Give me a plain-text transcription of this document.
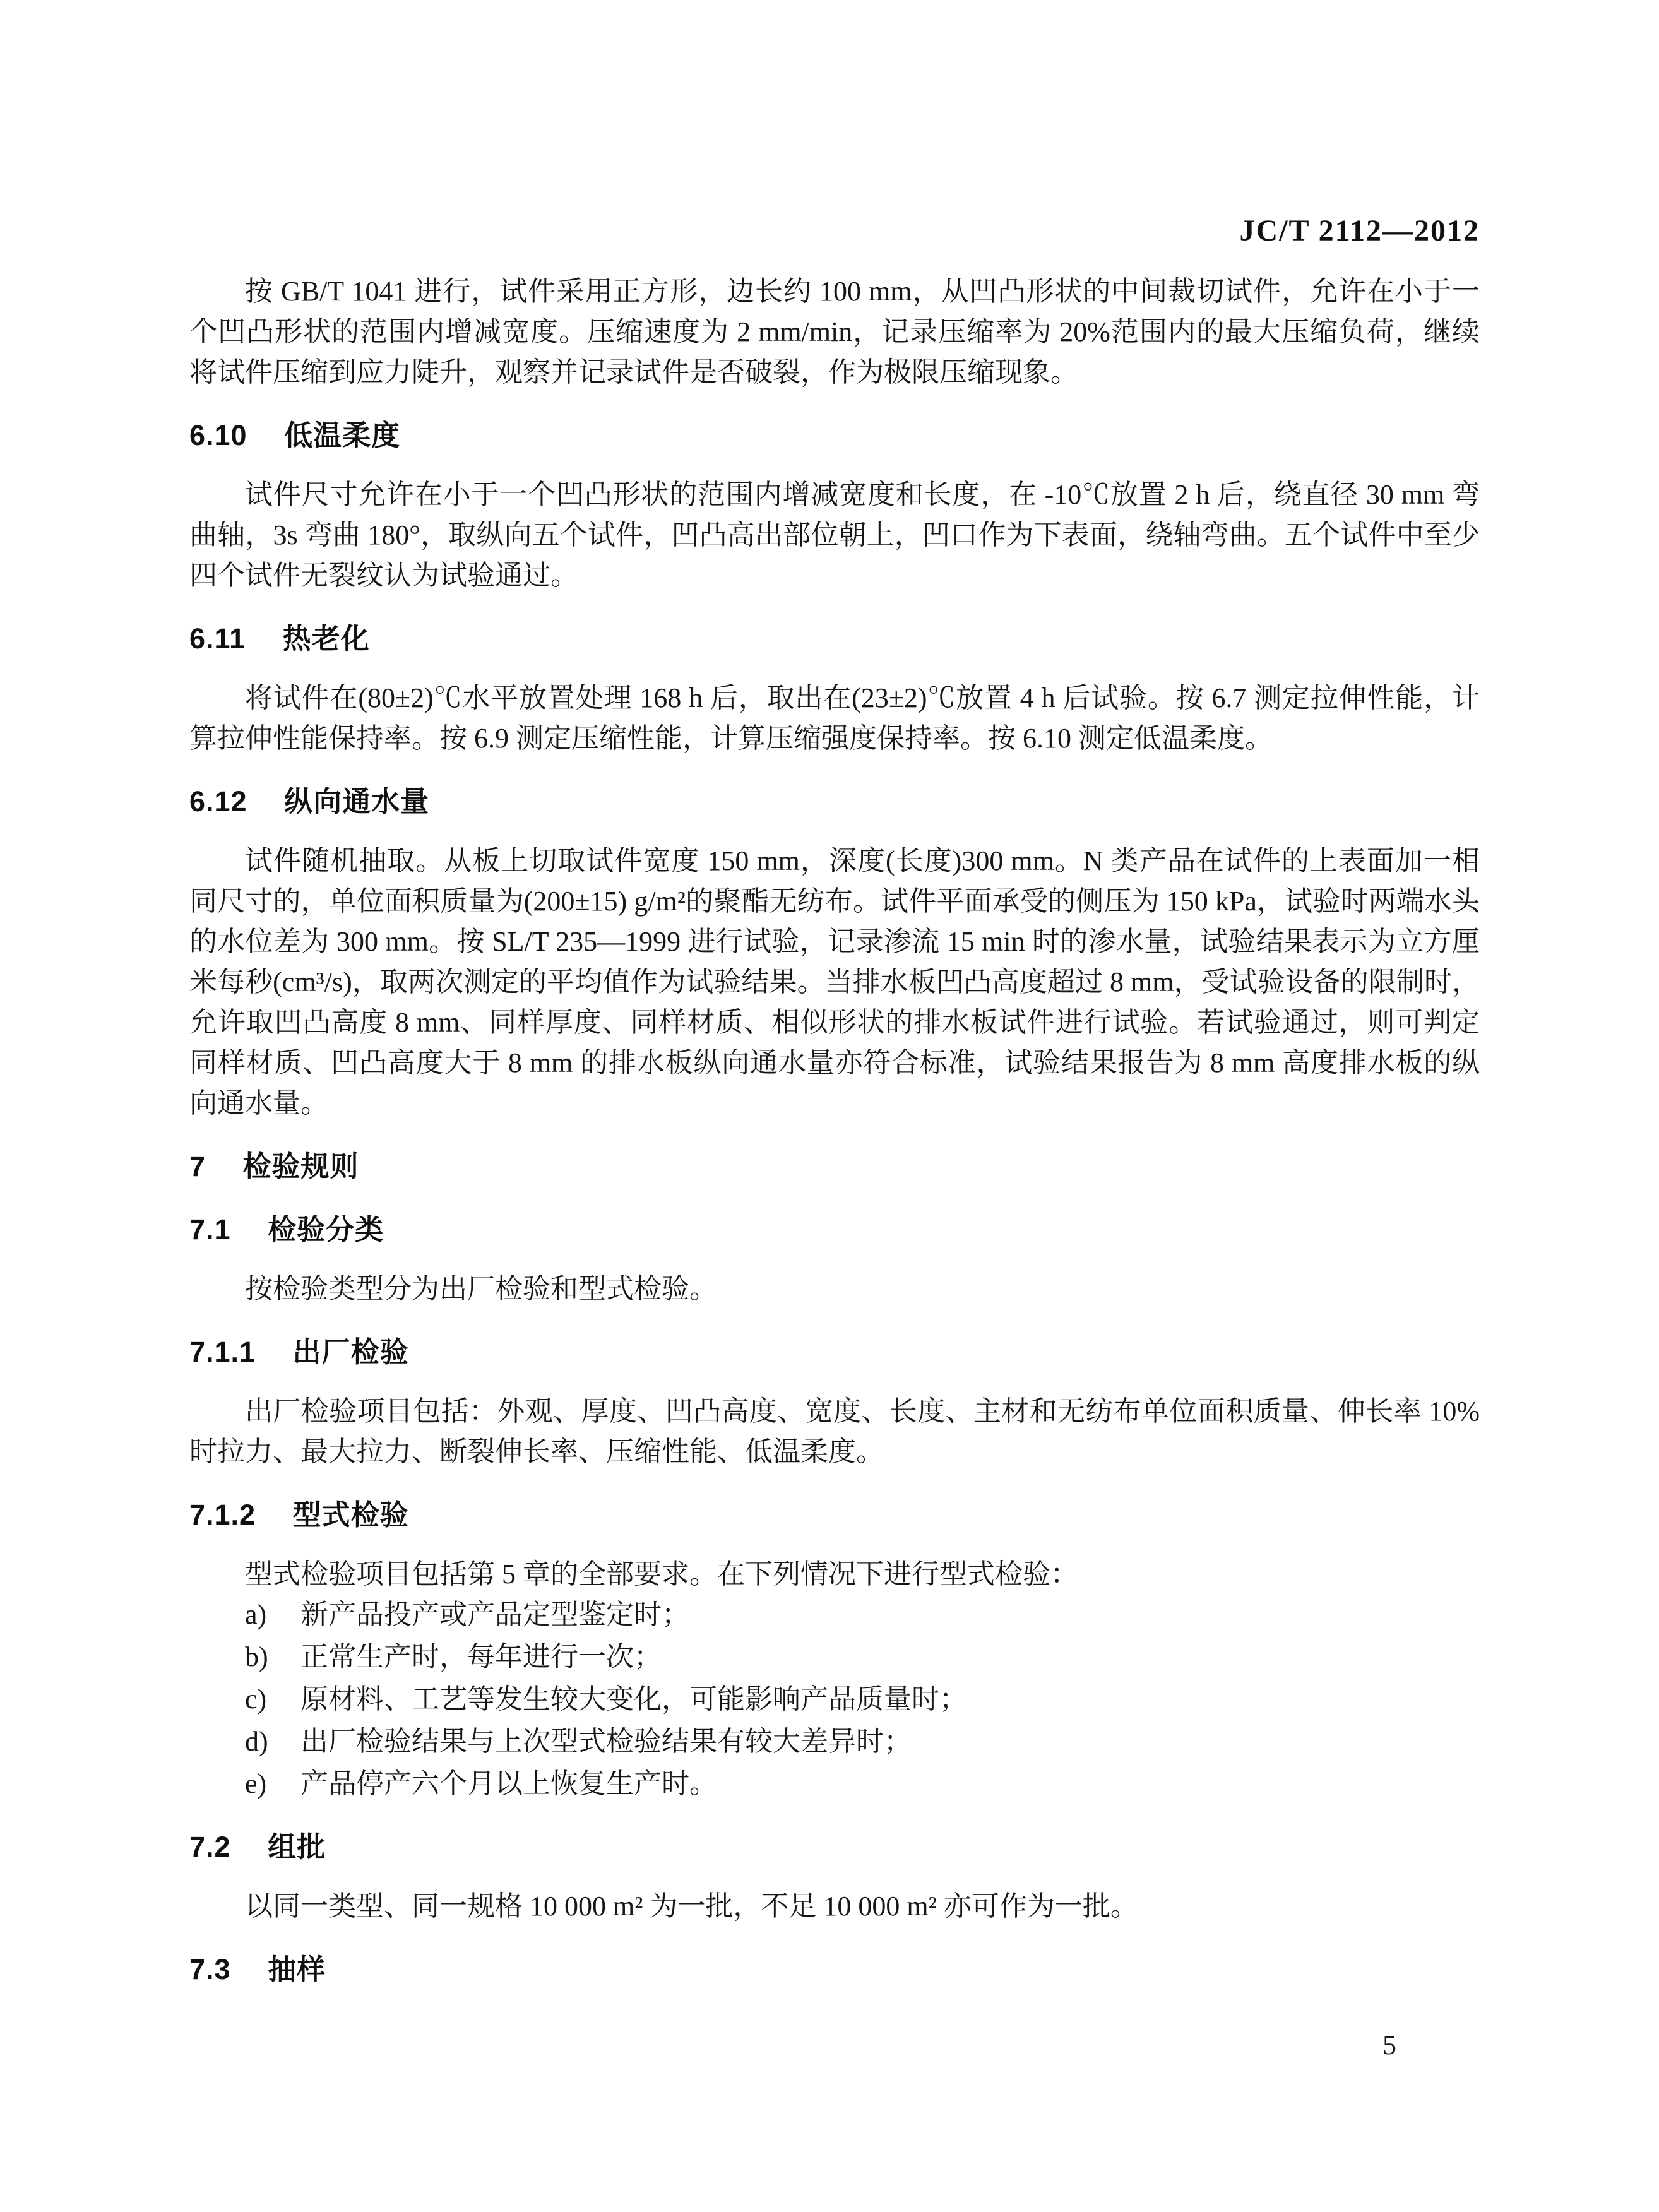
JC/T 2112—2012

按 GB/T 1041 进行，试件采用正方形，边长约 100 mm，从凹凸形状的中间裁切试件，允许在小于一个凹凸形状的范围内增减宽度。压缩速度为 2 mm/min，记录压缩率为 20%范围内的最大压缩负荷，继续将试件压缩到应力陡升，观察并记录试件是否破裂，作为极限压缩现象。

6.10 低温柔度

试件尺寸允许在小于一个凹凸形状的范围内增减宽度和长度，在 -10℃放置 2 h 后，绕直径 30 mm 弯曲轴，3s 弯曲 180°，取纵向五个试件，凹凸高出部位朝上，凹口作为下表面，绕轴弯曲。五个试件中至少四个试件无裂纹认为试验通过。

6.11 热老化

将试件在(80±2)℃水平放置处理 168 h 后，取出在(23±2)℃放置 4 h 后试验。按 6.7 测定拉伸性能，计算拉伸性能保持率。按 6.9 测定压缩性能，计算压缩强度保持率。按 6.10 测定低温柔度。

6.12 纵向通水量

试件随机抽取。从板上切取试件宽度 150 mm，深度(长度)300 mm。N 类产品在试件的上表面加一相同尺寸的，单位面积质量为(200±15) g/m²的聚酯无纺布。试件平面承受的侧压为 150 kPa，试验时两端水头的水位差为 300 mm。按 SL/T 235—1999 进行试验，记录渗流 15 min 时的渗水量，试验结果表示为立方厘米每秒(cm³/s)，取两次测定的平均值作为试验结果。当排水板凹凸高度超过 8 mm，受试验设备的限制时，允许取凹凸高度 8 mm、同样厚度、同样材质、相似形状的排水板试件进行试验。若试验通过，则可判定同样材质、凹凸高度大于 8 mm 的排水板纵向通水量亦符合标准，试验结果报告为 8 mm 高度排水板的纵向通水量。

7 检验规则
7.1 检验分类

按检验类型分为出厂检验和型式检验。

7.1.1 出厂检验

出厂检验项目包括：外观、厚度、凹凸高度、宽度、长度、主材和无纺布单位面积质量、伸长率 10%时拉力、最大拉力、断裂伸长率、压缩性能、低温柔度。

7.1.2 型式检验

型式检验项目包括第 5 章的全部要求。在下列情况下进行型式检验：

a)	新产品投产或产品定型鉴定时；
b)	正常生产时，每年进行一次；
c)	原材料、工艺等发生较大变化，可能影响产品质量时；
d)	出厂检验结果与上次型式检验结果有较大差异时；
e)	产品停产六个月以上恢复生产时。
7.2 组批

以同一类型、同一规格 10 000 m² 为一批，不足 10 000 m² 亦可作为一批。

7.3 抽样
5
